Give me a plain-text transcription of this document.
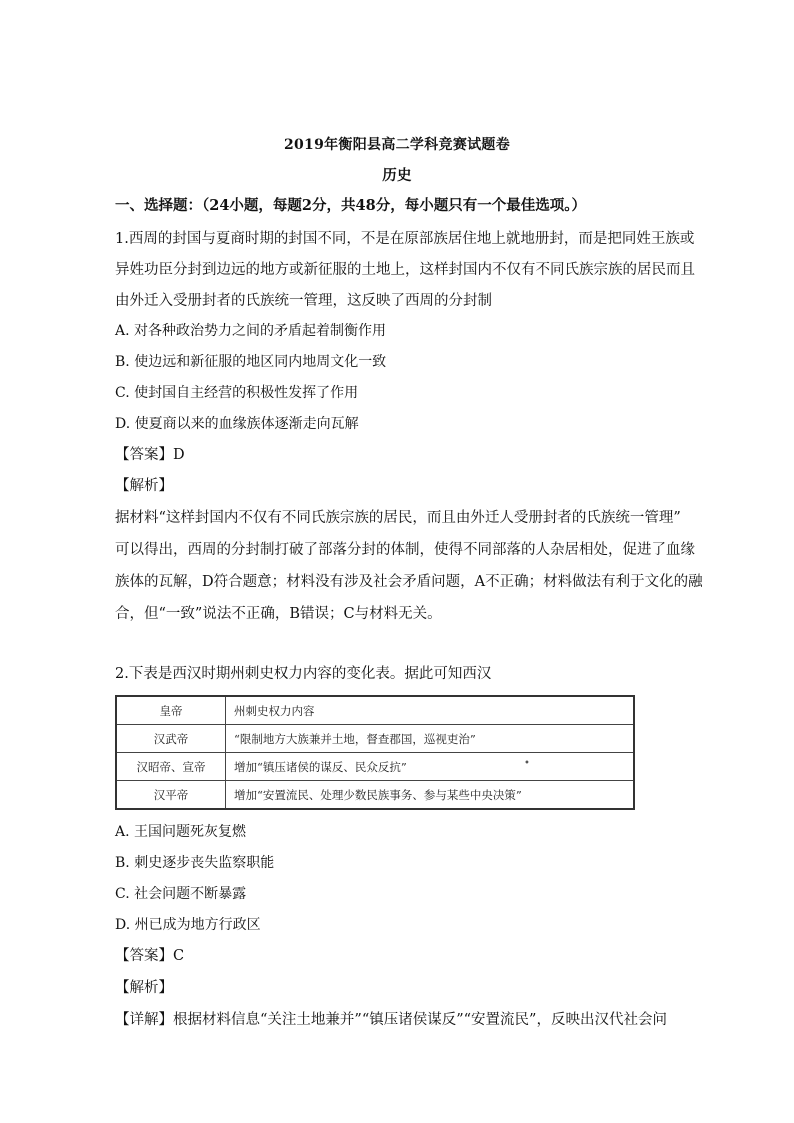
2019年衡阳县高二学科竞赛试题卷
历史
一、选择题：（24小题，每题2分，共48分，每小题只有一个最佳选项。）
1.西周的封国与夏商时期的封国不同，不是在原部族居住地上就地册封，而是把同姓王族或
异姓功臣分封到边远的地方或新征服的土地上，这样封国内不仅有不同氏族宗族的居民而且
由外迁入受册封者的氏族统一管理，这反映了西周的分封制
A. 对各种政治势力之间的矛盾起着制衡作用
B. 使边远和新征服的地区同内地周文化一致
C. 使封国自主经营的积极性发挥了作用
D. 使夏商以来的血缘族体逐渐走向瓦解
【答案】D
【解析】
据材料“这样封国内不仅有不同氏族宗族的居民，而且由外迁人受册封者的氏族统一管理”
可以得出，西周的分封制打破了部落分封的体制，使得不同部落的人杂居相处，促进了血缘
族体的瓦解，D符合题意；材料没有涉及社会矛盾问题，A不正确；材料做法有利于文化的融
合，但“一致”说法不正确，B错误；C与材料无关。
2.下表是西汉时期州刺史权力内容的变化表。据此可知西汉
皇帝	州刺史权力内容
汉武帝	“限制地方大族兼并土地，督查郡国，巡视吏治”
汉昭帝、宣帝	增加“镇压诸侯的谋反、民众反抗”
汉平帝	增加“安置流民、处理少数民族事务、参与某些中央决策”
•
A. 王国问题死灰复燃
B. 刺史逐步丧失监察职能
C. 社会问题不断暴露
D. 州已成为地方行政区
【答案】C
【解析】
【详解】根据材料信息“关注土地兼并”“镇压诸侯谋反”“安置流民”，反映出汉代社会问
